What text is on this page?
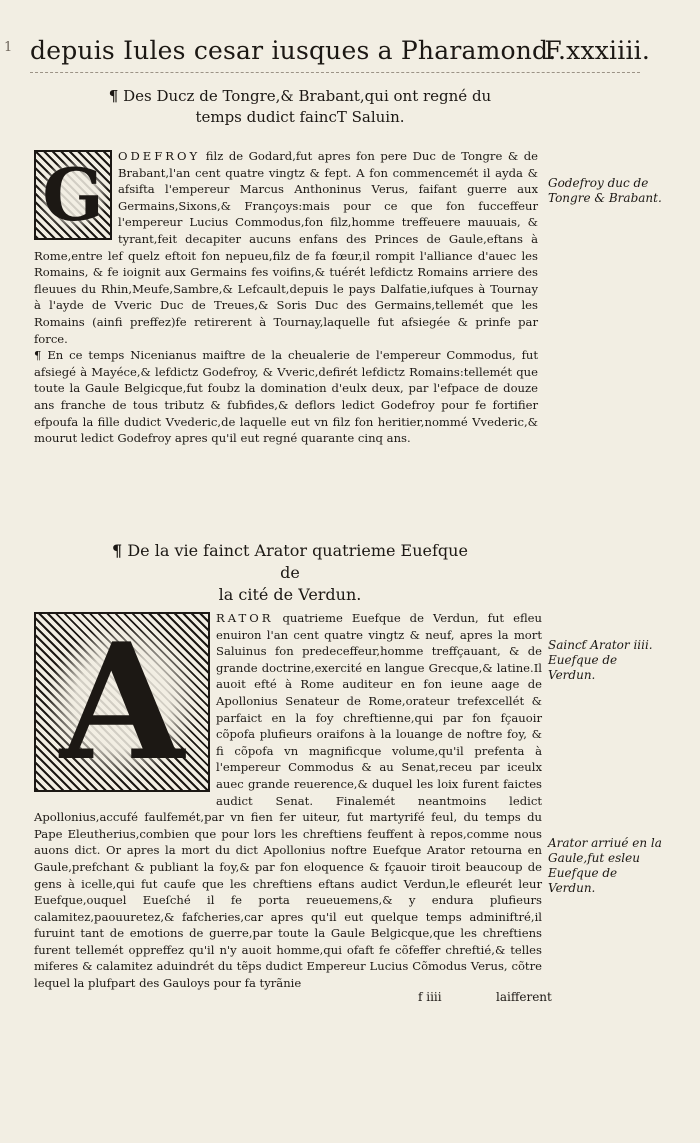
1 depuis Iules cesar iusques a Pharamond.
F.xxxiiii.
¶ Des Ducz de Tongre,& Brabant,qui ont regné du
temps dudict faincT Saluin.
G	ODEFROY filz de Godard,fut apres fon pere Duc de Tongre & de Brabant,l'an cent quatre vingtz & fept. A fon commencemét il ayda & afsifta l'empereur Marcus Anthoninus Verus, faifant guerre aux Germains,Sixons,& Françoys:mais pour ce que fon fucceffeur l'empereur Lucius Commodus,fon filz,homme treffeuere mauuais, & tyrant,feit decapiter aucuns enfans des Princes de Gaule,eftans à Rome,entre lef quelz eftoit fon nepueu,filz de fa fœur,il rompit l'alliance d'auec les Romains, & fe ioignit aux Germains fes voifins,& tuérét lefdictz Romains arriere des fleuues du Rhin,Meufe,Sambre,& Lefcault,depuis le pays Dalfatie,iufques à Tournay à l'ayde de Vveric Duc de Treues,& Soris Duc des Germains,tellemét que les Romains (ainfi preffez)fe retirerent à Tournay,laquelle fut afsiegée & prinfe par force.

¶ En ce temps Nicenianus maiftre de la cheualerie de l'empereur Commodus, fut afsiegé à Mayéce,& lefdictz Godefroy, & Vveric,defirét lefdictz Romains:tellemét que toute la Gaule Belgicque,fut foubz la domination d'eulx deux, par l'efpace de douze ans franche de tous tributz & fubfides,& deflors ledict Godefroy pour fe fortifier efpoufa la fille dudict Vvederic,de laquelle eut vn filz fon heritier,nommé Vvederic,& mourut ledict Godefroy apres qu'il eut regné quarante cinq ans.

Godefroy duc de Tongre & Brabant.
¶ De la vie fainct Arator quatrieme Euefque de
la cité de Verdun.
A	RATOR quatrieme Euefque de Verdun, fut efleu enuiron l'an cent quatre vingtz & neuf, apres la mort Saluinus fon predeceffeur,homme treffçauant, & de grande doctrine,exercité en langue Grecque,& latine.Il auoit efté à Rome auditeur en fon ieune aage de Apollonius Senateur de Rome,orateur trefexcellét & parfaict en la foy chreftienne,qui par fon fçauoir cõpofa plufieurs oraifons à la louange de noftre foy, & fi cõpofa vn magnificque volume,qu'il prefenta à l'empereur Commodus & au Senat,receu par iceulx auec grande reuerence,& duquel les loix furent faictes audict Senat. Finalemét neantmoins ledict Apollonius,accufé faulfemét,par vn fien fer uiteur, fut martyrifé feul, du temps du Pape Eleutherius,combien que pour lors les chreftiens feuffent à repos,comme nous auons dict. Or apres la mort du dict Apollonius noftre Euefque Arator retourna en Gaule,prefchant & publiant la foy,& par fon eloquence & fçauoir tiroit beaucoup de gens à icelle,qui fut caufe que les chreftiens eftans audict Verdun,le efleurét leur Euefque,ouquel Eueſché il fe porta reueuemens,& y endura plufieurs calamitez,paouuretez,& fafcheries,car apres qu'il eut quelque temps adminiftré,il furuint tant de emotions de guerre,par toute la Gaule Belgicque,que les chreftiens furent tellemét oppreffez qu'il n'y auoit homme,qui ofaft fe cõfeffer chreftié,& telles miferes & calamitez aduindrét du tẽps dudict Empereur Lucius Cõmodus Verus, cõtre lequel la plufpart des Gauloys pour fa tyrãnie

Saincƭ Arator iiii. Euefque de Verdun.
Arator arriué en la Gaule,fut esleu Euefque de Verdun.
f iiii	laifferent
